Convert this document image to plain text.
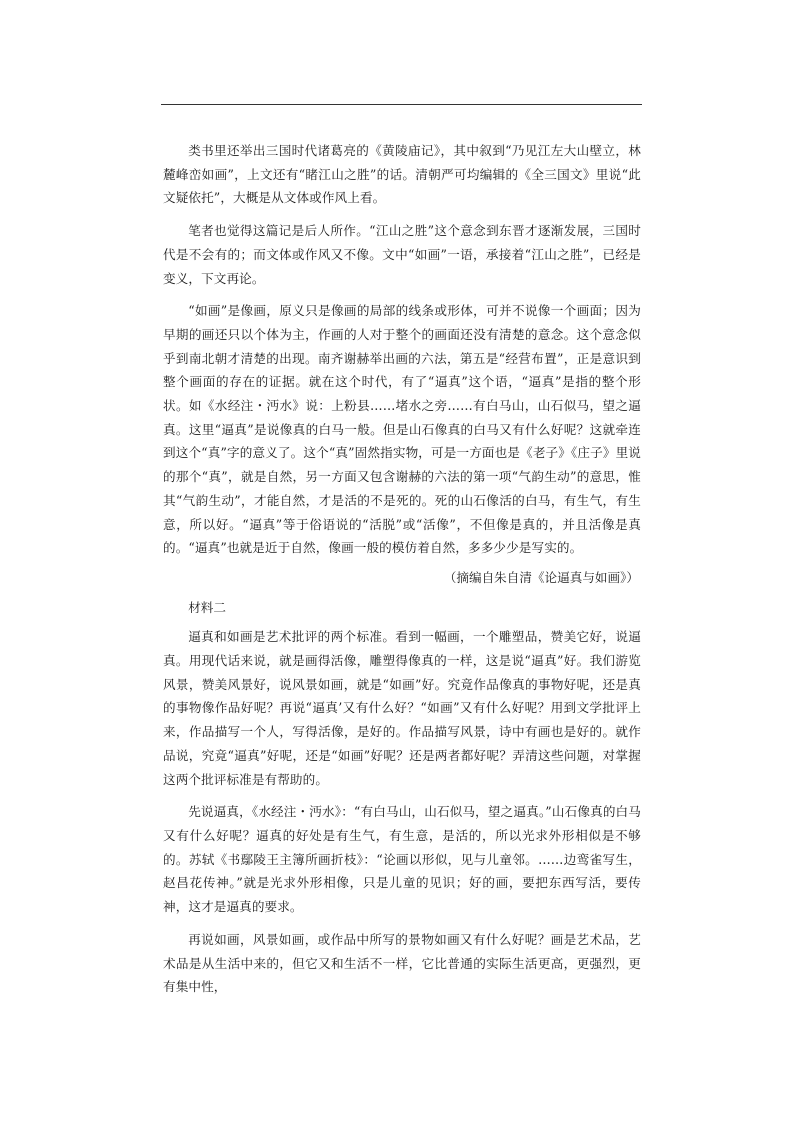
类书里还举出三国时代诸葛亮的《黄陵庙记》，其中叙到“乃见江左大山壁立，林麓峰峦如画”，上文还有“睹江山之胜”的话。清朝严可均编辑的《全三国文》里说“此文疑依托”，大概是从文体或作风上看。

笔者也觉得这篇记是后人所作。“江山之胜”这个意念到东晋才逐渐发展，三国时代是不会有的；而文体或作风又不像。文中“如画”一语，承接着“江山之胜”，已经是变义，下文再论。

“如画”是像画，原义只是像画的局部的线条或形体，可并不说像一个画面；因为早期的画还只以个体为主，作画的人对于整个的画面还没有清楚的意念。这个意念似乎到南北朝才清楚的出现。南齐谢赫举出画的六法，第五是“经营布置”，正是意识到整个画面的存在的证据。就在这个时代，有了“逼真”这个语，“逼真”是指的整个形状。如《水经注・沔水》说：上粉县……堵水之旁……有白马山，山石似马，望之逼真。这里“逼真”是说像真的白马一般。但是山石像真的白马又有什么好呢？这就牵连到这个“真”字的意义了。这个“真”固然指实物，可是一方面也是《老子》《庄子》里说的那个“真”，就是自然，另一方面又包含谢赫的六法的第一项“气韵生动”的意思，惟其“气韵生动”，才能自然，才是活的不是死的。死的山石像活的白马，有生气，有生意，所以好。“逼真”等于俗语说的“活脱”或“活像”，不但像是真的，并且活像是真的。“逼真”也就是近于自然，像画一般的模仿着自然，多多少少是写实的。

（摘编自朱自清《论逼真与如画》）

材料二

逼真和如画是艺术批评的两个标准。看到一幅画，一个雕塑品，赞美它好，说逼真。用现代话来说，就是画得活像，雕塑得像真的一样，这是说“逼真”好。我们游览风景，赞美风景好，说风景如画，就是“如画”好。究竟作品像真的事物好呢，还是真的事物像作品好呢？再说“逼真’又有什么好？“如画”又有什么好呢？用到文学批评上来，作品描写一个人，写得活像，是好的。作品描写风景，诗中有画也是好的。就作品说，究竟“逼真”好呢，还是“如画”好呢？还是两者都好呢？弄清这些问题，对掌握这两个批评标准是有帮助的。

先说逼真，《水经注・沔水》：“有白马山，山石似马，望之逼真。”山石像真的白马又有什么好呢？逼真的好处是有生气，有生意，是活的，所以光求外形相似是不够的。苏轼《书鄢陵王主簿所画折枝》：“论画以形似，见与儿童邻。……边鸾雀写生，赵昌花传神。”就是光求外形相像，只是儿童的见识；好的画，要把东西写活，要传神，这才是逼真的要求。

再说如画，风景如画，或作品中所写的景物如画又有什么好呢？画是艺术品，艺术品是从生活中来的，但它又和生活不一样，它比普通的实际生活更高，更强烈，更有集中性，
